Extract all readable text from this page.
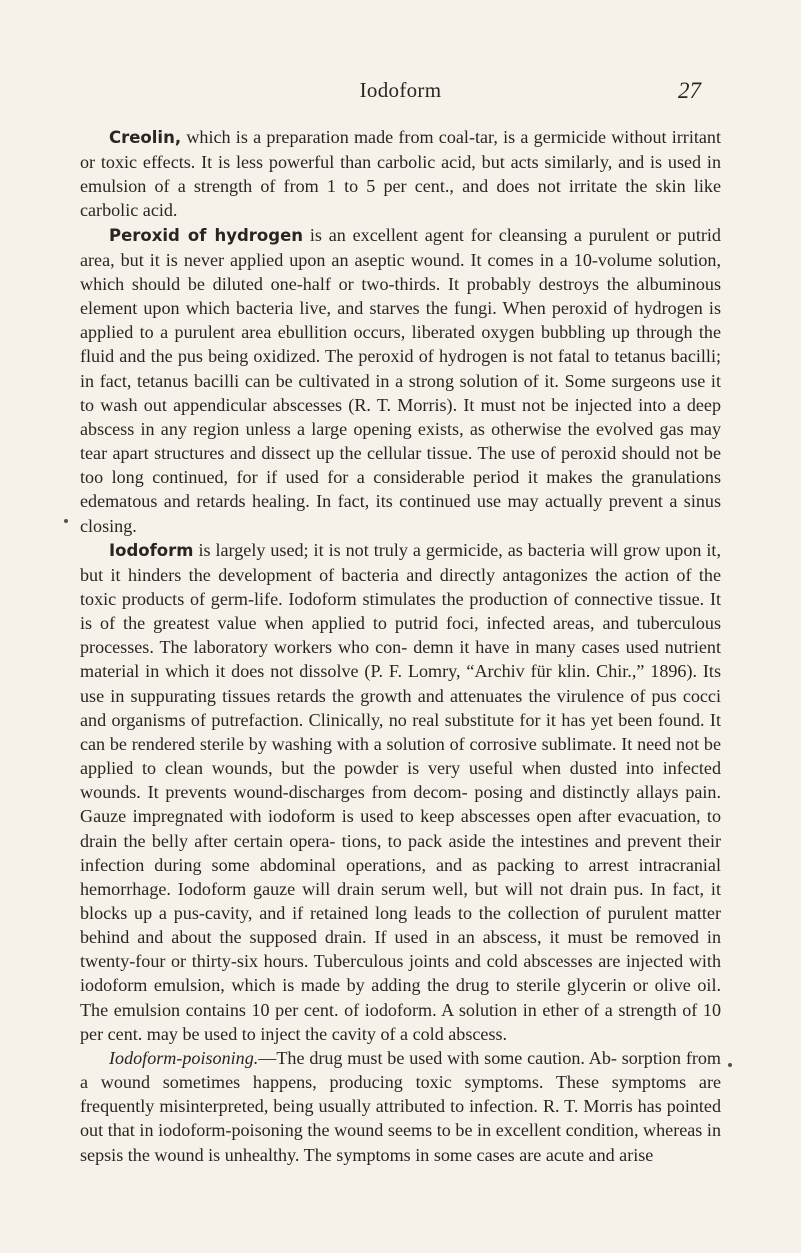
Iodoform	27

Creolin, which is a preparation made from coal-tar, is a germicide without irritant or toxic effects. It is less powerful than carbolic acid, but acts similarly, and is used in emulsion of a strength of from 1 to 5 per cent., and does not irritate the skin like carbolic acid.

Peroxid of hydrogen is an excellent agent for cleansing a purulent or putrid area, but it is never applied upon an aseptic wound. It comes in a 10-volume solution, which should be diluted one-half or two-thirds. It probably destroys the albuminous element upon which bacteria live, and starves the fungi. When peroxid of hydrogen is applied to a purulent area ebullition occurs, liberated oxygen bubbling up through the fluid and the pus being oxidized. The peroxid of hydrogen is not fatal to tetanus bacilli; in fact, tetanus bacilli can be cultivated in a strong solution of it. Some surgeons use it to wash out appendicular abscesses (R. T. Morris). It must not be injected into a deep abscess in any region unless a large opening exists, as otherwise the evolved gas may tear apart structures and dissect up the cellular tissue. The use of peroxid should not be too long continued, for if used for a considerable period it makes the granulations edematous and retards healing. In fact, its continued use may actually prevent a sinus closing.

Iodoform is largely used; it is not truly a germicide, as bacteria will grow upon it, but it hinders the development of bacteria and directly antagonizes the action of the toxic products of germ-life. Iodoform stimulates the production of connective tissue. It is of the greatest value when applied to putrid foci, infected areas, and tuberculous processes. The laboratory workers who con- demn it have in many cases used nutrient material in which it does not dissolve (P. F. Lomry, “Archiv für klin. Chir.,” 1896). Its use in suppurating tissues retards the growth and attenuates the virulence of pus cocci and organisms of putrefaction. Clinically, no real substitute for it has yet been found. It can be rendered sterile by washing with a solution of corrosive sublimate. It need not be applied to clean wounds, but the powder is very useful when dusted into infected wounds. It prevents wound-discharges from decom- posing and distinctly allays pain. Gauze impregnated with iodoform is used to keep abscesses open after evacuation, to drain the belly after certain opera- tions, to pack aside the intestines and prevent their infection during some abdominal operations, and as packing to arrest intracranial hemorrhage. Iodoform gauze will drain serum well, but will not drain pus. In fact, it blocks up a pus-cavity, and if retained long leads to the collection of purulent matter behind and about the supposed drain. If used in an abscess, it must be removed in twenty-four or thirty-six hours. Tuberculous joints and cold abscesses are injected with iodoform emulsion, which is made by adding the drug to sterile glycerin or olive oil. The emulsion contains 10 per cent. of iodoform. A solution in ether of a strength of 10 per cent. may be used to inject the cavity of a cold abscess.

Iodoform-poisoning.—The drug must be used with some caution. Ab- sorption from a wound sometimes happens, producing toxic symptoms. These symptoms are frequently misinterpreted, being usually attributed to infection. R. T. Morris has pointed out that in iodoform-poisoning the wound seems to be in excellent condition, whereas in sepsis the wound is unhealthy. The symptoms in some cases are acute and arise
